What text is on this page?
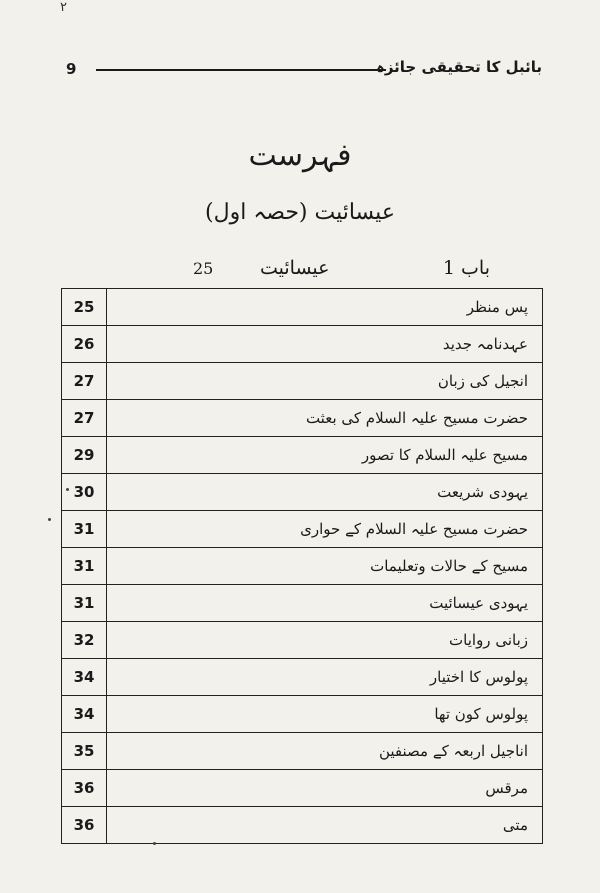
٢
9	بائبل کا تحقیقی جائزہ
فہرست
عیسائیت (حصہ اول)
25 عیسائیت	باب 1
25	پس منظر
26	عہدنامہ جدید
27	انجیل کی زبان
27	حضرت مسیح علیہ السلام کی بعثت
29	مسیح علیہ السلام کا تصور
30	یہودی شریعت
31	حضرت مسیح علیہ السلام کے حواری
31	مسیح کے حالات وتعلیمات
31	یہودی عیسائیت
32	زبانی روایات
34	پولوس کا اختیار
34	پولوس کون تھا
35	اناجیل اربعہ کے مصنفین
36	مرقس
36	متی
